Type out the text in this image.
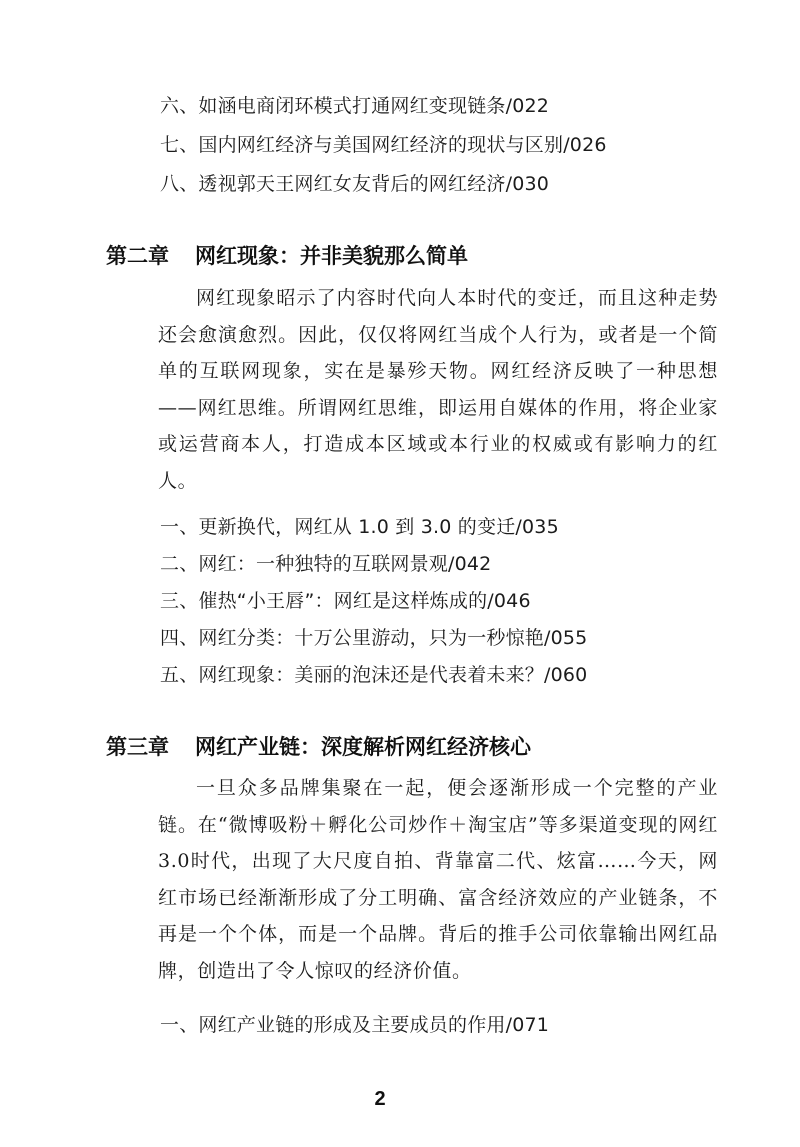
六、如涵电商闭环模式打通网红变现链条/022
七、国内网红经济与美国网红经济的现状与区别/026
八、透视郭天王网红女友背后的网红经济/030
第二章 网红现象：并非美貌那么简单

网红现象昭示了内容时代向人本时代的变迁，而且这种走势还会愈演愈烈。因此，仅仅将网红当成个人行为，或者是一个简单的互联网现象，实在是暴殄天物。网红经济反映了一种思想——网红思维。所谓网红思维，即运用自媒体的作用，将企业家或运营商本人，打造成本区域或本行业的权威或有影响力的红人。

一、更新换代，网红从 1.0 到 3.0 的变迁/035
二、网红：一种独特的互联网景观/042
三、催热“小王唇”：网红是这样炼成的/046
四、网红分类：十万公里游动，只为一秒惊艳/055
五、网红现象：美丽的泡沫还是代表着未来？/060
第三章 网红产业链：深度解析网红经济核心

一旦众多品牌集聚在一起，便会逐渐形成一个完整的产业链。在“微博吸粉＋孵化公司炒作＋淘宝店”等多渠道变现的网红3.0时代，出现了大尺度自拍、背靠富二代、炫富……今天，网红市场已经渐渐形成了分工明确、富含经济效应的产业链条，不再是一个个体，而是一个品牌。背后的推手公司依靠输出网红品牌，创造出了令人惊叹的经济价值。

一、网红产业链的形成及主要成员的作用/071
2
